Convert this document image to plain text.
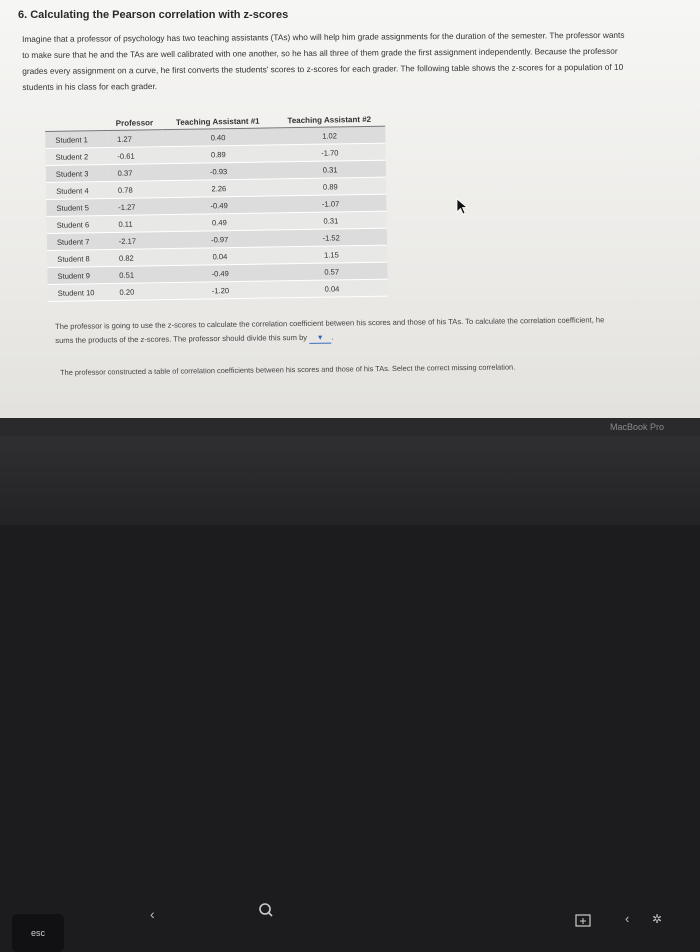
6. Calculating the Pearson correlation with z-scores
Imagine that a professor of psychology has two teaching assistants (TAs) who will help him grade assignments for the duration of the semester. The professor wants to make sure that he and the TAs are well calibrated with one another, so he has all three of them grade the first assignment independently. Because the professor grades every assignment on a curve, he first converts the students' scores to z-scores for each grader. The following table shows the z-scores for a population of 10 students in his class for each grader.
	Professor	Teaching Assistant #1	Teaching Assistant #2
Student 1	1.27	0.40	1.02
Student 2	-0.61	0.89	-1.70
Student 3	0.37	-0.93	0.31
Student 4	0.78	2.26	0.89
Student 5	-1.27	-0.49	-1.07
Student 6	0.11	0.49	0.31
Student 7	-2.17	-0.97	-1.52
Student 8	0.82	0.04	1.15
Student 9	0.51	-0.49	0.57
Student 10	0.20	-1.20	0.04
The professor is going to use the z-scores to calculate the correlation coefficient between his scores and those of his TAs. To calculate the correlation coefficient, he sums the products of the z-scores. The professor should divide this sum by ▼ .
The professor constructed a table of correlation coefficients between his scores and those of his TAs. Select the correct missing correlation.
MacBook Pro
esc
‹	‹ ✲
